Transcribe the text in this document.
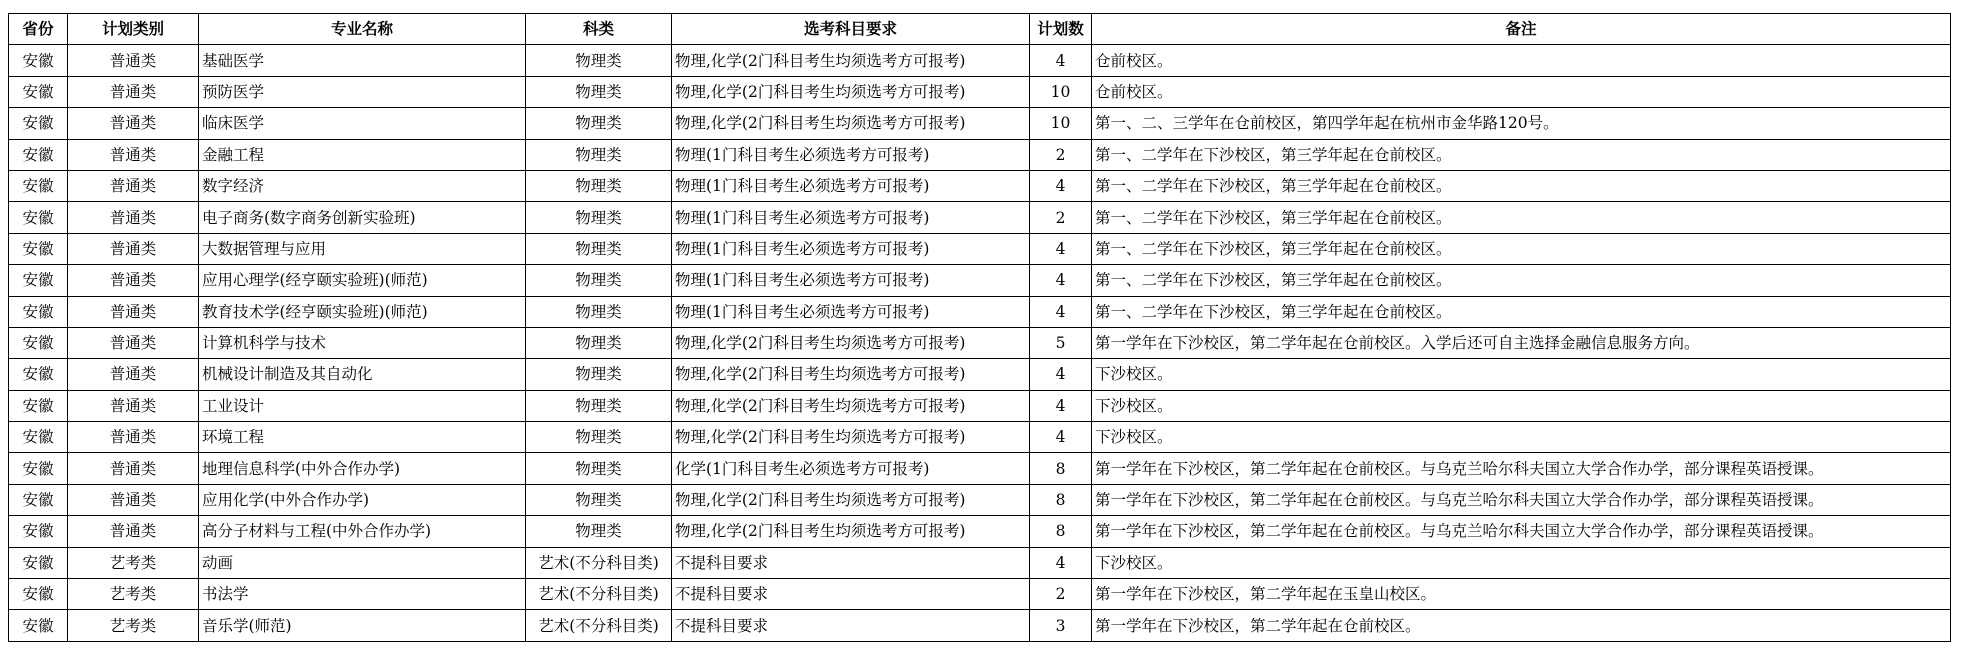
省份	计划类别	专业名称	科类	选考科目要求	计划数	备注
安徽	普通类	基础医学	物理类	物理,化学(2门科目考生均须选考方可报考)	4	仓前校区。
安徽	普通类	预防医学	物理类	物理,化学(2门科目考生均须选考方可报考)	10	仓前校区。
安徽	普通类	临床医学	物理类	物理,化学(2门科目考生均须选考方可报考)	10	第一、二、三学年在仓前校区，第四学年起在杭州市金华路120号。
安徽	普通类	金融工程	物理类	物理(1门科目考生必须选考方可报考)	2	第一、二学年在下沙校区，第三学年起在仓前校区。
安徽	普通类	数字经济	物理类	物理(1门科目考生必须选考方可报考)	4	第一、二学年在下沙校区，第三学年起在仓前校区。
安徽	普通类	电子商务(数字商务创新实验班)	物理类	物理(1门科目考生必须选考方可报考)	2	第一、二学年在下沙校区，第三学年起在仓前校区。
安徽	普通类	大数据管理与应用	物理类	物理(1门科目考生必须选考方可报考)	4	第一、二学年在下沙校区，第三学年起在仓前校区。
安徽	普通类	应用心理学(经亨颐实验班)(师范)	物理类	物理(1门科目考生必须选考方可报考)	4	第一、二学年在下沙校区，第三学年起在仓前校区。
安徽	普通类	教育技术学(经亨颐实验班)(师范)	物理类	物理(1门科目考生必须选考方可报考)	4	第一、二学年在下沙校区，第三学年起在仓前校区。
安徽	普通类	计算机科学与技术	物理类	物理,化学(2门科目考生均须选考方可报考)	5	第一学年在下沙校区，第二学年起在仓前校区。入学后还可自主选择金融信息服务方向。
安徽	普通类	机械设计制造及其自动化	物理类	物理,化学(2门科目考生均须选考方可报考)	4	下沙校区。
安徽	普通类	工业设计	物理类	物理,化学(2门科目考生均须选考方可报考)	4	下沙校区。
安徽	普通类	环境工程	物理类	物理,化学(2门科目考生均须选考方可报考)	4	下沙校区。
安徽	普通类	地理信息科学(中外合作办学)	物理类	化学(1门科目考生必须选考方可报考)	8	第一学年在下沙校区，第二学年起在仓前校区。与乌克兰哈尔科夫国立大学合作办学，部分课程英语授课。
安徽	普通类	应用化学(中外合作办学)	物理类	物理,化学(2门科目考生均须选考方可报考)	8	第一学年在下沙校区，第二学年起在仓前校区。与乌克兰哈尔科夫国立大学合作办学，部分课程英语授课。
安徽	普通类	高分子材料与工程(中外合作办学)	物理类	物理,化学(2门科目考生均须选考方可报考)	8	第一学年在下沙校区，第二学年起在仓前校区。与乌克兰哈尔科夫国立大学合作办学，部分课程英语授课。
安徽	艺考类	动画	艺术(不分科目类)	不提科目要求	4	下沙校区。
安徽	艺考类	书法学	艺术(不分科目类)	不提科目要求	2	第一学年在下沙校区，第二学年起在玉皇山校区。
安徽	艺考类	音乐学(师范)	艺术(不分科目类)	不提科目要求	3	第一学年在下沙校区，第二学年起在仓前校区。
